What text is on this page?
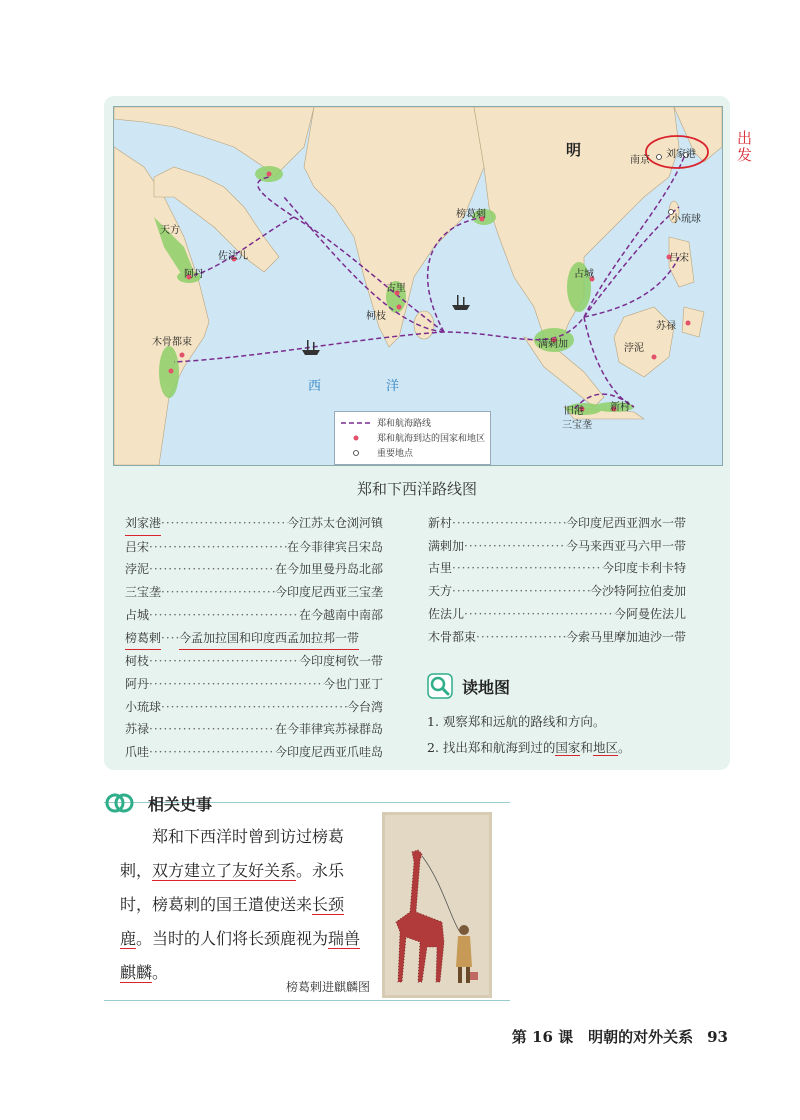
出发
明
南京
刘家港
小琉球
吕宋
苏禄
浡泥
占城
满剌加
旧港
三宝垄
新村
榜葛剌
古里
柯枝
佐法儿
阿丹
天方
木骨都束
西	洋
郑和航海路线
郑和航海到达的国家和地区
重要地点
郑和下西洋路线图
刘家港 ·····	今江苏太仓浏河镇
吕宋 ·····	在今菲律宾吕宋岛
浡泥 ·····	在今加里曼丹岛北部
三宝垄 ·····	今印度尼西亚三宝垄
占城 ·····	在今越南中南部
榜葛剌 ····· 今孟加拉国和印度西孟加拉邦一带
柯枝 ·····	今印度柯钦一带
阿丹 ·····	今也门亚丁
小琉球 ·····	今台湾
苏禄 ·····	在今菲律宾苏禄群岛
爪哇 ·····	今印度尼西亚爪哇岛
新村 ·····	今印度尼西亚泗水一带
满剌加 ·····	今马来西亚马六甲一带
古里 ·····	今印度卡利卡特
天方 ·····	今沙特阿拉伯麦加
佐法儿 ·····	今阿曼佐法儿
木骨都束 ·····	今索马里摩加迪沙一带
读地图
1. 观察郑和远航的路线和方向。
2. 找出郑和航海到过的国家和地区。
相关史事
郑和下西洋时曾到访过榜葛剌，双方建立了友好关系。永乐时，榜葛剌的国王遣使送来长颈鹿。当时的人们将长颈鹿视为瑞兽麒麟。
榜葛剌进麒麟图
第 16 课　明朝的对外关系 93
